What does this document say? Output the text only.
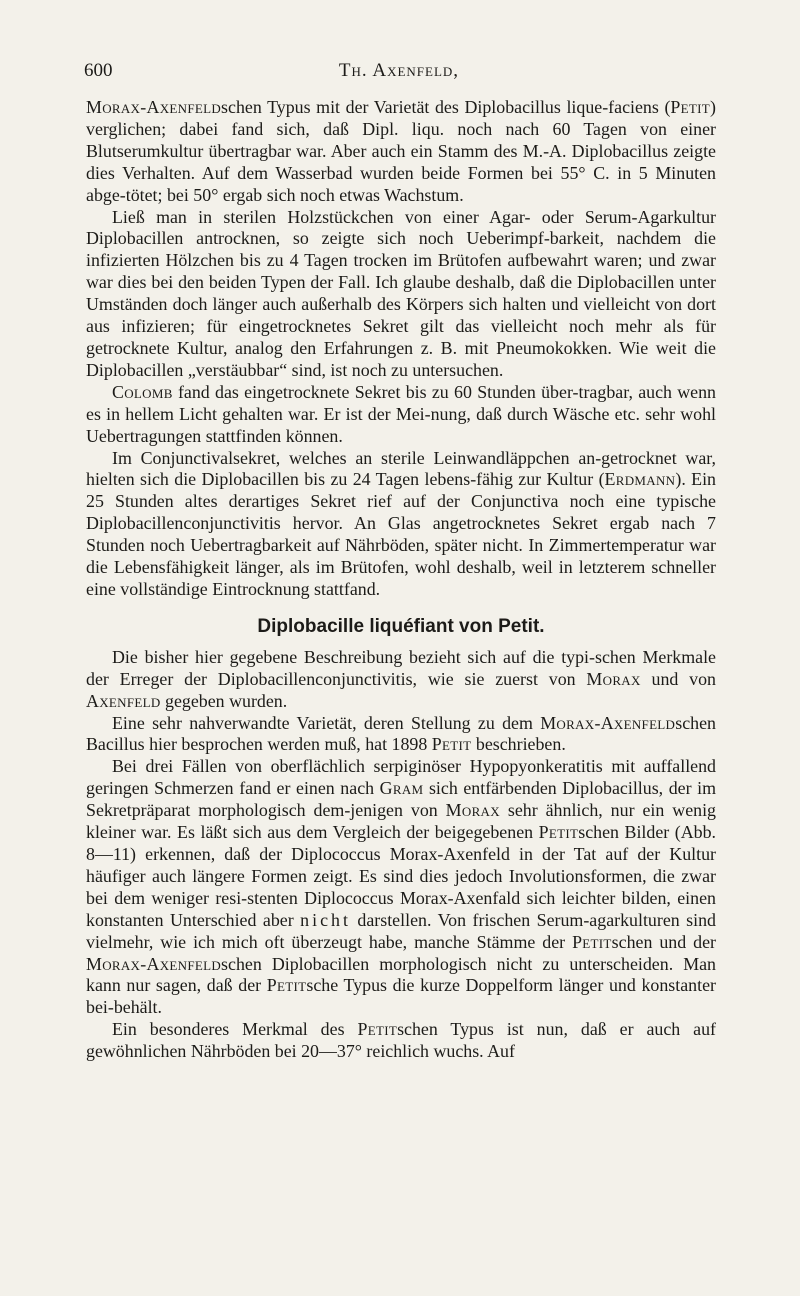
600	Th. Axenfeld,

Morax-Axenfeldschen Typus mit der Varietät des Diplobacillus lique-faciens (Petit) verglichen; dabei fand sich, daß Dipl. liqu. noch nach 60 Tagen von einer Blutserumkultur übertragbar war. Aber auch ein Stamm des M.-A. Diplobacillus zeigte dies Verhalten. Auf dem Wasserbad wurden beide Formen bei 55° C. in 5 Minuten abge-tötet; bei 50° ergab sich noch etwas Wachstum.

Ließ man in sterilen Holzstückchen von einer Agar- oder Serum-Agarkultur Diplobacillen antrocknen, so zeigte sich noch Ueberimpf-barkeit, nachdem die infizierten Hölzchen bis zu 4 Tagen trocken im Brütofen aufbewahrt waren; und zwar war dies bei den beiden Typen der Fall. Ich glaube deshalb, daß die Diplobacillen unter Umständen doch länger auch außerhalb des Körpers sich halten und vielleicht von dort aus infizieren; für eingetrocknetes Sekret gilt das vielleicht noch mehr als für getrocknete Kultur, analog den Erfahrungen z. B. mit Pneumokokken. Wie weit die Diplobacillen „verstäubbar“ sind, ist noch zu untersuchen.

Colomb fand das eingetrocknete Sekret bis zu 60 Stunden über-tragbar, auch wenn es in hellem Licht gehalten war. Er ist der Mei-nung, daß durch Wäsche etc. sehr wohl Uebertragungen stattfinden können.

Im Conjunctivalsekret, welches an sterile Leinwandläppchen an-getrocknet war, hielten sich die Diplobacillen bis zu 24 Tagen lebens-fähig zur Kultur (Erdmann). Ein 25 Stunden altes derartiges Sekret rief auf der Conjunctiva noch eine typische Diplobacillenconjunctivitis hervor. An Glas angetrocknetes Sekret ergab nach 7 Stunden noch Uebertragbarkeit auf Nährböden, später nicht. In Zimmertemperatur war die Lebensfähigkeit länger, als im Brütofen, wohl deshalb, weil in letzterem schneller eine vollständige Eintrocknung stattfand.

Diplobacille liquéfiant von Petit.

Die bisher hier gegebene Beschreibung bezieht sich auf die typi-schen Merkmale der Erreger der Diplobacillenconjunctivitis, wie sie zuerst von Morax und von Axenfeld gegeben wurden.

Eine sehr nahverwandte Varietät, deren Stellung zu dem Morax-Axenfeldschen Bacillus hier besprochen werden muß, hat 1898 Petit beschrieben.

Bei drei Fällen von oberflächlich serpiginöser Hypopyonkeratitis mit auffallend geringen Schmerzen fand er einen nach Gram sich entfärbenden Diplobacillus, der im Sekretpräparat morphologisch dem-jenigen von Morax sehr ähnlich, nur ein wenig kleiner war. Es läßt sich aus dem Vergleich der beigegebenen Petitschen Bilder (Abb. 8—11) erkennen, daß der Diplococcus Morax-Axenfeld in der Tat auf der Kultur häufiger auch längere Formen zeigt. Es sind dies jedoch Involutionsformen, die zwar bei dem weniger resi-stenten Diplococcus Morax-Axenfald sich leichter bilden, einen konstanten Unterschied aber nicht darstellen. Von frischen Serum-agarkulturen sind vielmehr, wie ich mich oft überzeugt habe, manche Stämme der Petitschen und der Morax-Axenfeldschen Diplobacillen morphologisch nicht zu unterscheiden. Man kann nur sagen, daß der Petitsche Typus die kurze Doppelform länger und konstanter bei-behält.

Ein besonderes Merkmal des Petitschen Typus ist nun, daß er auch auf gewöhnlichen Nährböden bei 20—37° reichlich wuchs. Auf
